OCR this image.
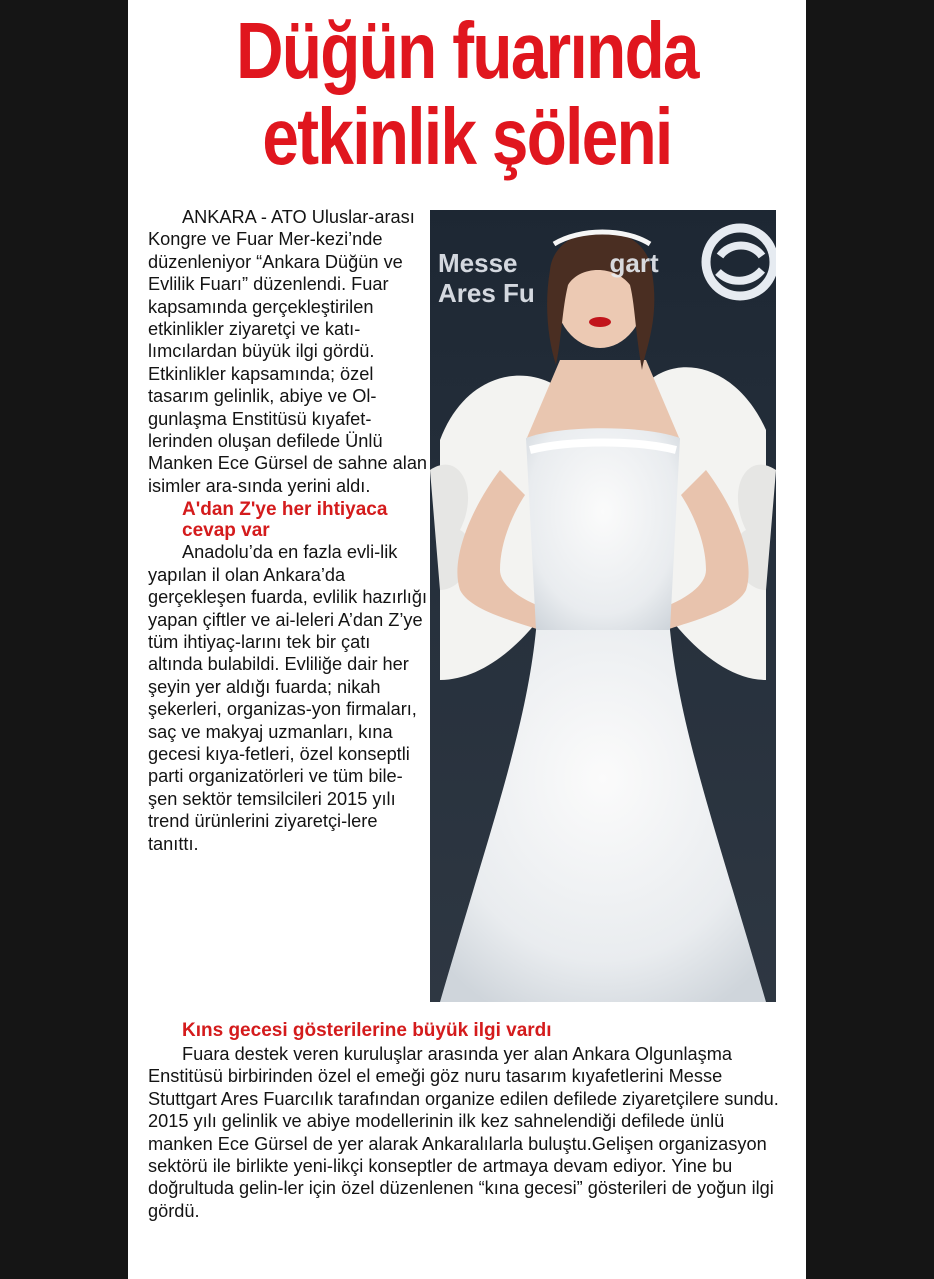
Düğün fuarında
etkinlik şöleni

ANKARA - ATO Uluslar-arası Kongre ve Fuar Mer-kezi’nde düzenleniyor “Ankara Düğün ve Evlilik Fuarı” düzenlendi. Fuar kapsamında gerçekleştirilen etkinlikler ziyaretçi ve katı-lımcılardan büyük ilgi gördü. Etkinlikler kapsamında; özel tasarım gelinlik, abiye ve Ol-gunlaşma Enstitüsü kıyafet-lerinden oluşan defilede Ünlü Manken Ece Gürsel de sahne alan isimler ara-sında yerini aldı.

A'dan Z'ye her ihtiyaca cevap var

Anadolu’da en fazla evli-lik yapılan il olan Ankara’da gerçekleşen fuarda, evlilik hazırlığı yapan çiftler ve ai-leleri A’dan Z’ye tüm ihtiyaç-larını tek bir çatı altında bulabildi. Evliliğe dair her şeyin yer aldığı fuarda; nikah şekerleri, organizas-yon firmaları, saç ve makyaj uzmanları, kına gecesi kıya-fetleri, özel konseptli parti organizatörleri ve tüm bile-şen sektör temsilcileri 2015 yılı trend ürünlerini ziyaretçi-lere tanıttı.

Messe	gart
Ares Fu

Kıns gecesi gösterilerine büyük ilgi vardı

Fuara destek veren kuruluşlar arasında yer alan Ankara Olgunlaşma Enstitüsü birbirinden özel el emeği göz nuru tasarım kıyafetlerini Messe Stuttgart Ares Fuarcılık tarafından organize edilen defilede ziyaretçilere sundu. 2015 yılı gelinlik ve abiye modellerinin ilk kez sahnelendiği defilede ünlü manken Ece Gürsel de yer alarak Ankaralılarla buluştu.Gelişen organizasyon sektörü ile birlikte yeni-likçi konseptler de artmaya devam ediyor. Yine bu doğrultuda gelin-ler için özel düzenlenen “kına gecesi” gösterileri de yoğun ilgi gördü.
